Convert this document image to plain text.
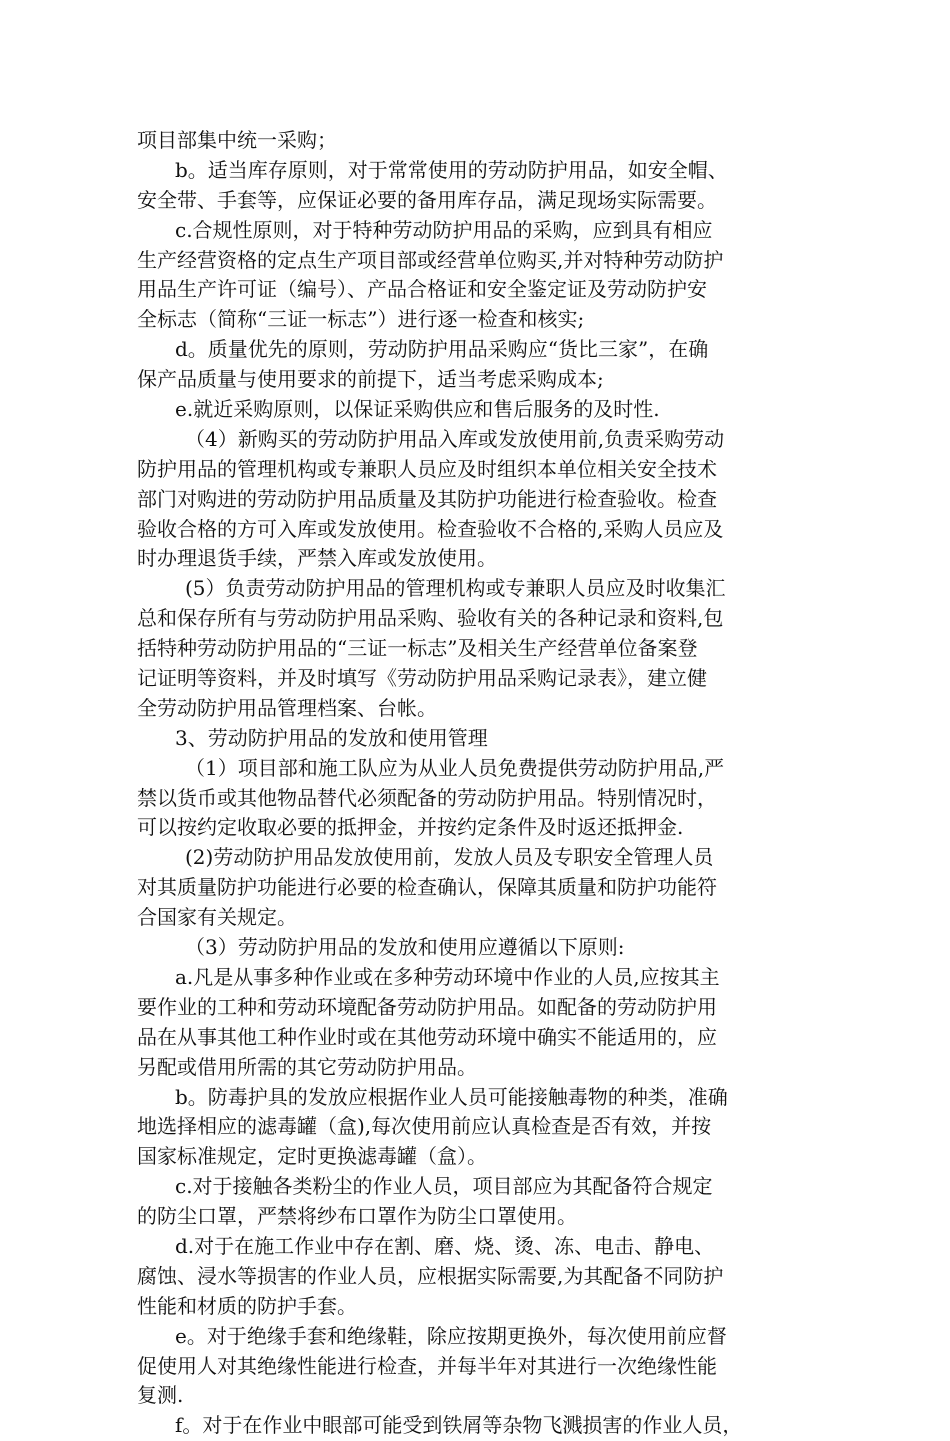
项目部集中统一采购；
b。适当库存原则，对于常常使用的劳动防护用品，如安全帽、
安全带、手套等，应保证必要的备用库存品，满足现场实际需要。
c.合规性原则，对于特种劳动防护用品的采购，应到具有相应
生产经营资格的定点生产项目部或经营单位购买,并对特种劳动防护
用品生产许可证（编号）、产品合格证和安全鉴定证及劳动防护安
全标志（简称“三证一标志”）进行逐一检查和核实;
d。质量优先的原则，劳动防护用品采购应“货比三家”，在确
保产品质量与使用要求的前提下，适当考虑采购成本;
e.就近采购原则，以保证采购供应和售后服务的及时性.
（4）新购买的劳动防护用品入库或发放使用前,负责采购劳动
防护用品的管理机构或专兼职人员应及时组织本单位相关安全技术
部门对购进的劳动防护用品质量及其防护功能进行检查验收。检查
验收合格的方可入库或发放使用。检查验收不合格的,采购人员应及
时办理退货手续，严禁入库或发放使用。
(5）负责劳动防护用品的管理机构或专兼职人员应及时收集汇
总和保存所有与劳动防护用品采购、验收有关的各种记录和资料,包
括特种劳动防护用品的“三证一标志”及相关生产经营单位备案登
记证明等资料，并及时填写《劳动防护用品采购记录表》，建立健
全劳动防护用品管理档案、台帐。
3、劳动防护用品的发放和使用管理
（1）项目部和施工队应为从业人员免费提供劳动防护用品,严
禁以货币或其他物品替代必须配备的劳动防护用品。特别情况时，
可以按约定收取必要的抵押金，并按约定条件及时返还抵押金.
(2)劳动防护用品发放使用前，发放人员及专职安全管理人员
对其质量防护功能进行必要的检查确认，保障其质量和防护功能符
合国家有关规定。
（3）劳动防护用品的发放和使用应遵循以下原则:
a.凡是从事多种作业或在多种劳动环境中作业的人员,应按其主
要作业的工种和劳动环境配备劳动防护用品。如配备的劳动防护用
品在从事其他工种作业时或在其他劳动环境中确实不能适用的，应
另配或借用所需的其它劳动防护用品。
b。防毒护具的发放应根据作业人员可能接触毒物的种类，准确
地选择相应的滤毒罐（盒),每次使用前应认真检查是否有效，并按
国家标准规定，定时更换滤毒罐（盒）。
c.对于接触各类粉尘的作业人员，项目部应为其配备符合规定
的防尘口罩，严禁将纱布口罩作为防尘口罩使用。
d.对于在施工作业中存在割、磨、烧、烫、冻、电击、静电、
腐蚀、浸水等损害的作业人员，应根据实际需要,为其配备不同防护
性能和材质的防护手套。
e。对于绝缘手套和绝缘鞋，除应按期更换外，每次使用前应督
促使用人对其绝缘性能进行检查，并每半年对其进行一次绝缘性能
复测.
f。对于在作业中眼部可能受到铁屑等杂物飞溅损害的作业人员，
